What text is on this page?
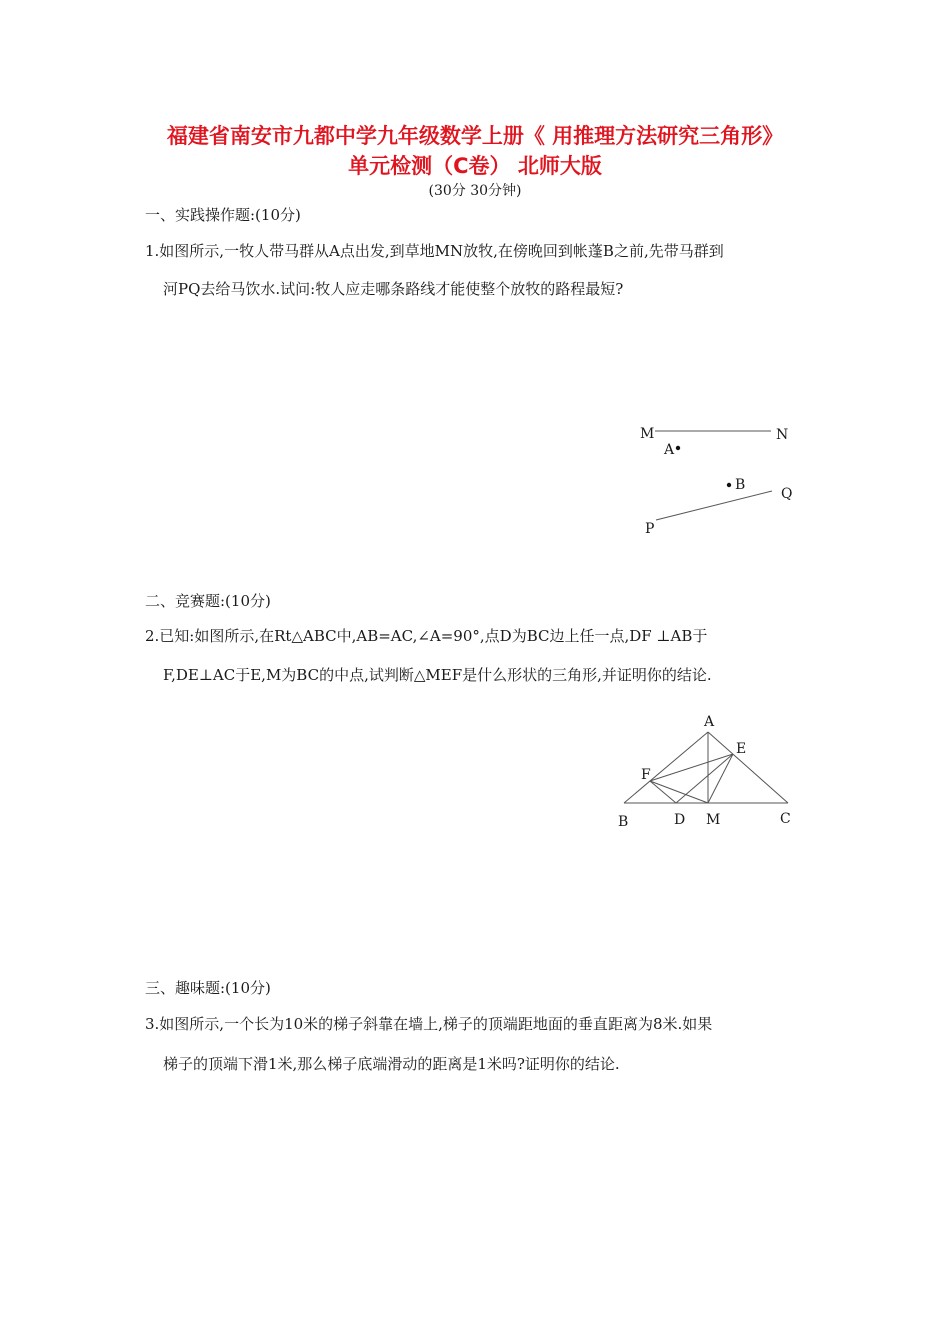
福建省南安市九都中学九年级数学上册《 用推理方法研究三角形》
单元检测（C卷） 北师大版
(30分 30分钟)
一、实践操作题:(10分)
1.如图所示,一牧人带马群从A点出发,到草地MN放牧,在傍晚回到帐蓬B之前,先带马群到
河PQ去给马饮水.试问:牧人应走哪条路线才能使整个放牧的路程最短?
二、竞赛题:(10分)
2.已知:如图所示,在Rt△ABC中,AB=AC,∠A=90°,点D为BC边上任一点,DF ⊥AB于
F,DE⊥AC于E,M为BC的中点,试判断△MEF是什么形状的三角形,并证明你的结论.
三、趣味题:(10分)
3.如图所示,一个长为10米的梯子斜靠在墙上,梯子的顶端距地面的垂直距离为8米.如果
梯子的顶端下滑1米,那么梯子底端滑动的距离是1米吗?证明你的结论.
M	N
A
B
P
Q
A
E
F
B	D M	C
